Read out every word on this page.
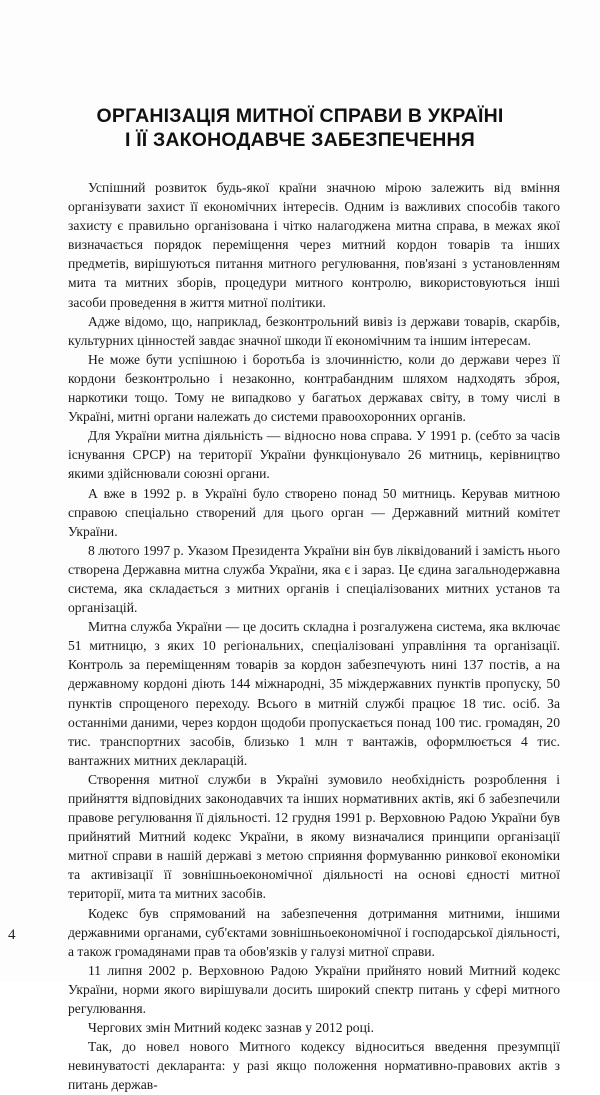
ОРГАНІЗАЦІЯ МИТНОЇ СПРАВИ В УКРАЇНІ
І ЇЇ ЗАКОНОДАВЧЕ ЗАБЕЗПЕЧЕННЯ

Успішний розвиток будь-якої країни значною мірою залежить від вміння організувати захист її економічних інтересів. Одним із важливих способів такого захисту є правильно організована і чітко налагоджена митна справа, в межах якої визначається порядок переміщення через митний кордон товарів та інших предметів, вирішуються питання митного регулювання, пов'язані з установленням мита та митних зборів, процедури митного контролю, використовуються інші засоби проведення в життя митної політики.

Адже відомо, що, наприклад, безконтрольний вивіз із держави товарів, скарбів, культурних цінностей завдає значної шкоди її економічним та іншим інтересам.

Не може бути успішною і боротьба із злочинністю, коли до держави через її кордони безконтрольно і незаконно, контрабандним шляхом надходять зброя, наркотики тощо. Тому не випадково у багатьох державах світу, в тому числі в Україні, митні органи належать до системи правоохоронних органів.

Для України митна діяльність — відносно нова справа. У 1991 р. (себто за часів існування СРСР) на території України функціонувало 26 митниць, керівництво якими здійснювали союзні органи.

А вже в 1992 р. в Україні було створено понад 50 митниць. Керував митною справою спеціально створений для цього орган — Державний митний комітет України.

8 лютого 1997 р. Указом Президента України він був ліквідований і замість нього створена Державна митна служба України, яка є і зараз. Це єдина загальнодержавна система, яка складається з митних органів і спеціалізованих митних установ та організацій.

Митна служба України — це досить складна і розгалужена система, яка включає 51 митницю, з яких 10 регіональних, спеціалізовані управління та організації. Контроль за переміщенням товарів за кордон забезпечують нині 137 постів, а на державному кордоні діють 144 міжнародні, 35 міждержавних пунктів пропуску, 50 пунктів спрощеного переходу. Всього в митній службі працює 18 тис. осіб. За останніми даними, через кордон щодоби пропускається понад 100 тис. громадян, 20 тис. транспортних засобів, близько 1 млн т вантажів, оформлюється 4 тис. вантажних митних декларацій.

Створення митної служби в Україні зумовило необхідність розроблення і прийняття відповідних законодавчих та інших нормативних актів, які б забезпечили правове регулювання її діяльності. 12 грудня 1991 р. Верховною Радою України був прийнятий Митний кодекс України, в якому визначалися принципи організації митної справи в нашій державі з метою сприяння формуванню ринкової економіки та активізації її зовнішньоекономічної діяльності на основі єдності митної території, мита та митних засобів.

Кодекс був спрямований на забезпечення дотримання митними, іншими державними органами, суб'єктами зовнішньоекономічної і господарської діяльності, а також громадянами прав та обов'язків у галузі митної справи.

11 липня 2002 р. Верховною Радою України прийнято новий Митний кодекс України, норми якого вирішували досить широкий спектр питань у сфері митного регулювання.

Чергових змін Митний кодекс зазнав у 2012 році.

Так, до новел нового Митного кодексу відноситься введення презумпції невинуватості декларанта: у разі якщо положення нормативно-правових актів з питань держав-

4
